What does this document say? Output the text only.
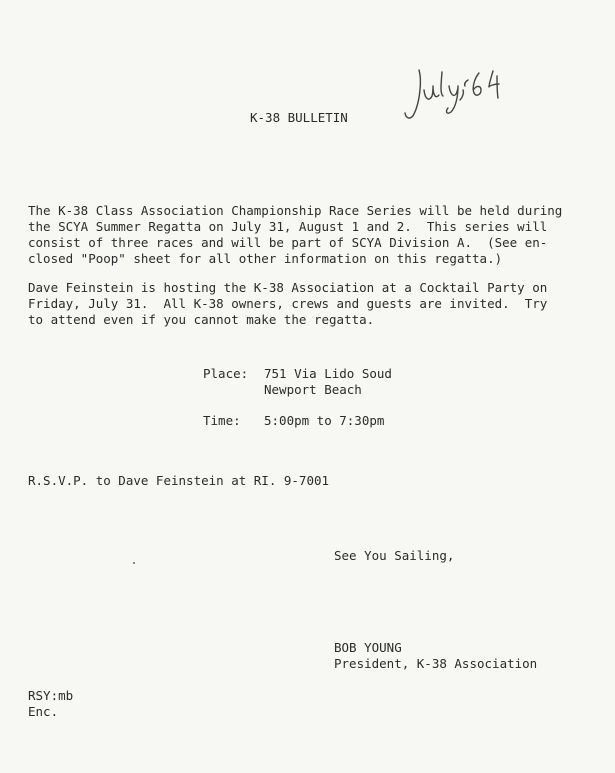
K-38 BULLETIN

The K-38 Class Association Championship Race Series will be held during
the SCYA Summer Regatta on July 31, August 1 and 2.  This series will
consist of three races and will be part of SCYA Division A.  (See en-
closed "Poop" sheet for all other information on this regatta.)

Dave Feinstein is hosting the K-38 Association at a Cocktail Party on
Friday, July 31.  All K-38 owners, crews and guests are invited.  Try
to attend even if you cannot make the regatta.

Place:

751 Via Lido Soud
Newport Beach

Time:

5:00pm to 7:30pm

R.S.V.P. to Dave Feinstein at RI. 9-7001

See You Sailing,

BOB YOUNG

President, K-38 Association

RSY:mb

Enc.
